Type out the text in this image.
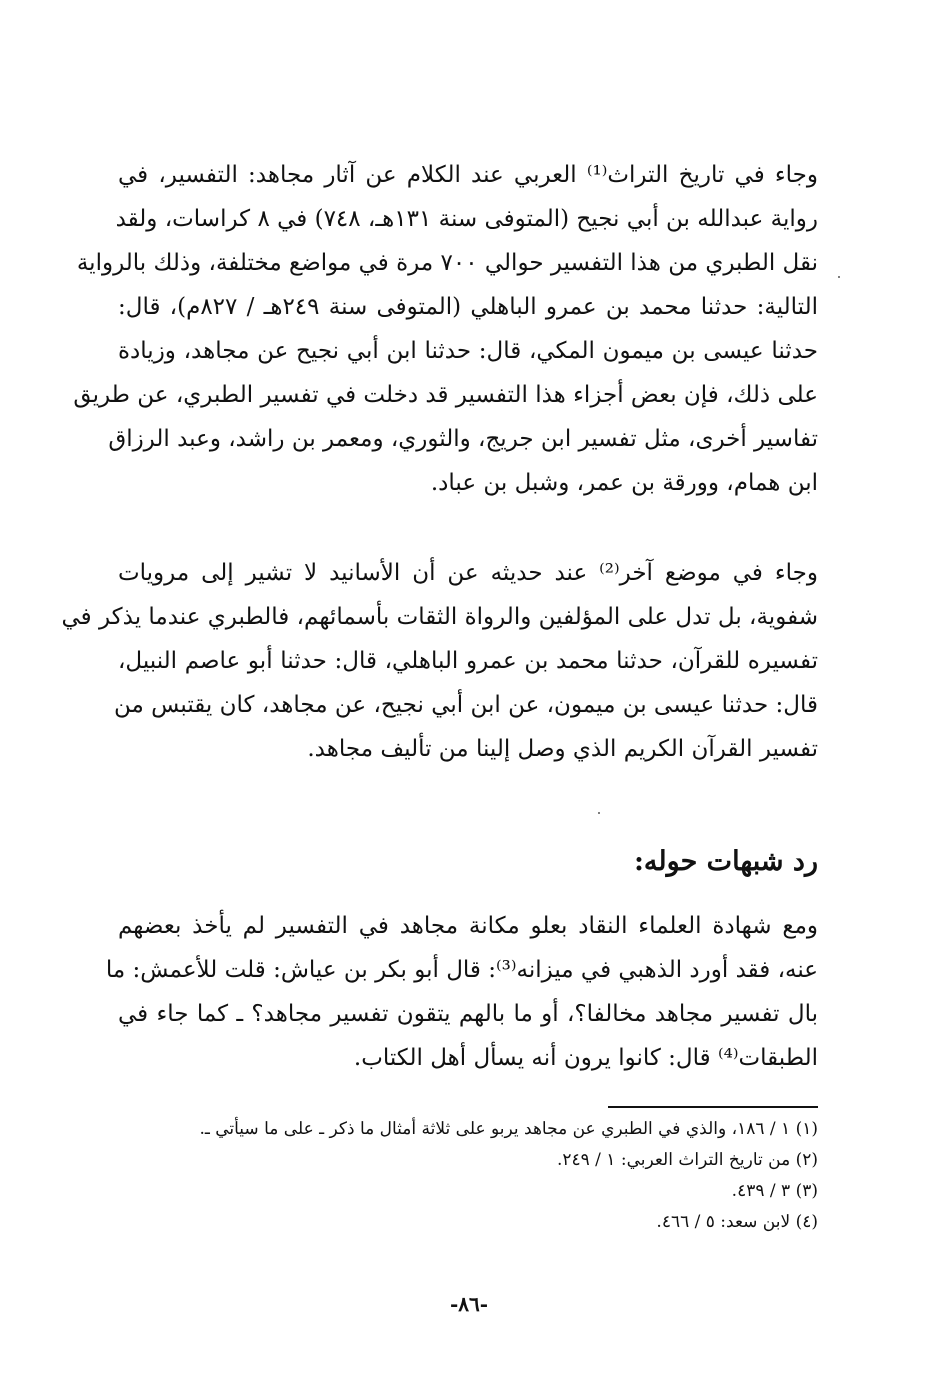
وجاء في تاريخ التراث⁽¹⁾ العربي عند الكلام عن آثار مجاهد: التفسير، في
رواية عبدالله بن أبي نجيح (المتوفى سنة ١٣١هـ، ٧٤٨) في ٨ كراسات، ولقد
نقل الطبري من هذا التفسير حوالي ٧٠٠ مرة في مواضع مختلفة، وذلك بالرواية
التالية: حدثنا محمد بن عمرو الباهلي (المتوفى سنة ٢٤٩هـ / ٨٢٧م)، قال:
حدثنا عيسى بن ميمون المكي، قال: حدثنا ابن أبي نجيح عن مجاهد، وزيادة
على ذلك، فإن بعض أجزاء هذا التفسير قد دخلت في تفسير الطبري، عن طريق
تفاسير أخرى، مثل تفسير ابن جريج، والثوري، ومعمر بن راشد، وعبد الرزاق
ابن همام، وورقة بن عمر، وشبل بن عباد.
وجاء في موضع آخر⁽²⁾ عند حديثه عن أن الأسانيد لا تشير إلى مرويات
شفوية، بل تدل على المؤلفين والرواة الثقات بأسمائهم، فالطبري عندما يذكر في
تفسيره للقرآن، حدثنا محمد بن عمرو الباهلي، قال: حدثنا أبو عاصم النبيل،
قال: حدثنا عيسى بن ميمون، عن ابن أبي نجيح، عن مجاهد، كان يقتبس من
تفسير القرآن الكريم الذي وصل إلينا من تأليف مجاهد.
رد شبهات حوله:
ومع شهادة العلماء النقاد بعلو مكانة مجاهد في التفسير لم يأخذ بعضهم
عنه، فقد أورد الذهبي في ميزانه⁽³⁾: قال أبو بكر بن عياش: قلت للأعمش: ما
بال تفسير مجاهد مخالفا؟، أو ما بالهم يتقون تفسير مجاهد؟ ـ كما جاء في
الطبقات⁽⁴⁾ قال: كانوا يرون أنه يسأل أهل الكتاب.
(١) ١ / ١٨٦، والذي في الطبري عن مجاهد يربو على ثلاثة أمثال ما ذكر ـ على ما سيأتي ـ.
(٢) من تاريخ التراث العربي: ١ / ٢٤٩.
(٣) ٣ / ٤٣٩.
(٤) لابن سعد: ٥ / ٤٦٦.
-٨٦-
